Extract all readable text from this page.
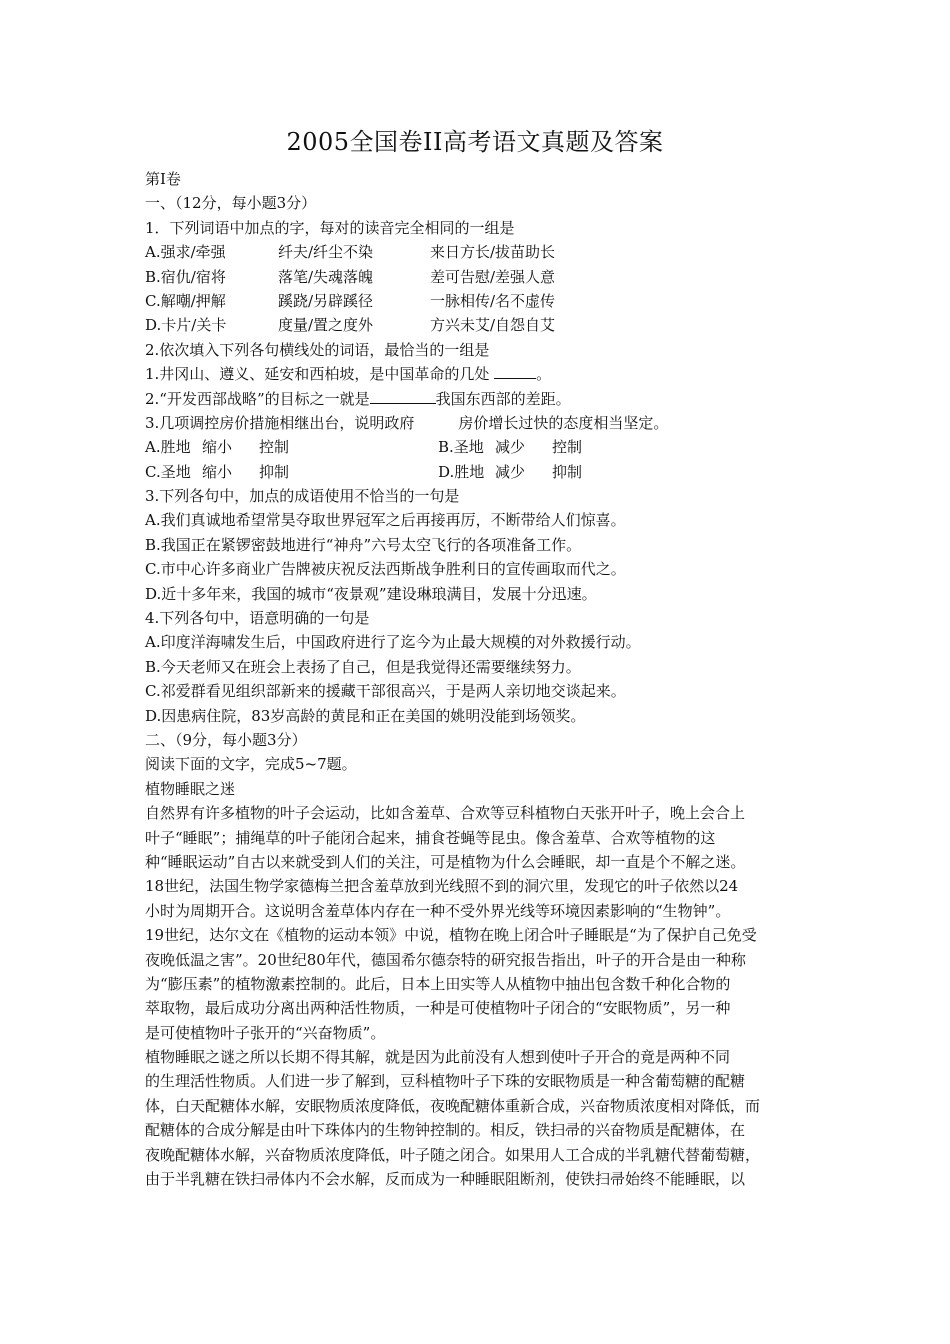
2005全国卷II高考语文真题及答案
第I卷
一、（12分，每小题3分）
1．下列词语中加点的字，每对的读音完全相同的一组是
A.强求/牵强	纤夫/纤尘不染	来日方长/拔苗助长
B.宿仇/宿将	落笔/失魂落魄	差可告慰/差强人意
C.解嘲/押解	蹊跷/另辟蹊径	一脉相传/名不虚传
D.卡片/关卡	度量/置之度外	方兴未艾/自怨自艾
2.依次填入下列各句横线处的词语，最恰当的一组是
1.井冈山、遵义、延安和西柏坡，是中国革命的几处	。
2.“开发西部战略”的目标之一就是	我国东西部的差距。
3.几项调控房价措施相继出台，说明政府	房价增长过快的态度相当坚定。
A.胜地 缩小	控制	B.圣地 减少	控制
C.圣地 缩小	抑制	D.胜地 减少	抑制
3.下列各句中，加点的成语使用不恰当的一句是
A.我们真诚地希望常昊夺取世界冠军之后再接再厉，不断带给人们惊喜。
B.我国正在紧锣密鼓地进行“神舟”六号太空飞行的各项准备工作。
C.市中心许多商业广告牌被庆祝反法西斯战争胜利日的宣传画取而代之。
D.近十多年来，我国的城市“夜景观”建设琳琅满目，发展十分迅速。
4.下列各句中，语意明确的一句是
A.印度洋海啸发生后，中国政府进行了迄今为止最大规模的对外救援行动。
B.今天老师又在班会上表扬了自己，但是我觉得还需要继续努力。
C.祁爱群看见组织部新来的援藏干部很高兴，于是两人亲切地交谈起来。
D.因患病住院，83岁高龄的黄昆和正在美国的姚明没能到场领奖。
二、（9分，每小题3分）
阅读下面的文字，完成5~7题。
植物睡眠之迷
自然界有许多植物的叶子会运动，比如含羞草、合欢等豆科植物白天张开叶子，晚上会合上
叶子“睡眠”；捕绳草的叶子能闭合起来，捕食苍蝇等昆虫。像含羞草、合欢等植物的这
种“睡眠运动”自古以来就受到人们的关注，可是植物为什么会睡眠，却一直是个不解之迷。
18世纪，法国生物学家德梅兰把含羞草放到光线照不到的洞穴里，发现它的叶子依然以24
小时为周期开合。这说明含羞草体内存在一种不受外界光线等环境因素影响的“生物钟”。
19世纪，达尔文在《植物的运动本领》中说，植物在晚上闭合叶子睡眠是“为了保护自己免受
夜晚低温之害”。20世纪80年代，德国希尔德奈特的研究报告指出，叶子的开合是由一种称
为“膨压素”的植物激素控制的。此后，日本上田实等人从植物中抽出包含数千种化合物的
萃取物，最后成功分离出两种活性物质，一种是可使植物叶子闭合的“安眠物质”，另一种
是可使植物叶子张开的“兴奋物质”。
植物睡眠之谜之所以长期不得其解，就是因为此前没有人想到使叶子开合的竟是两种不同
的生理活性物质。人们进一步了解到，豆科植物叶子下珠的安眠物质是一种含葡萄糖的配糖
体，白天配糖体水解，安眠物质浓度降低，夜晚配糖体重新合成，兴奋物质浓度相对降低，而
配糖体的合成分解是由叶下珠体内的生物钟控制的。相反，铁扫帚的兴奋物质是配糖体，在
夜晚配糖体水解，兴奋物质浓度降低，叶子随之闭合。如果用人工合成的半乳糖代替葡萄糖，
由于半乳糖在铁扫帚体内不会水解，反而成为一种睡眠阻断剂，使铁扫帚始终不能睡眠，以
